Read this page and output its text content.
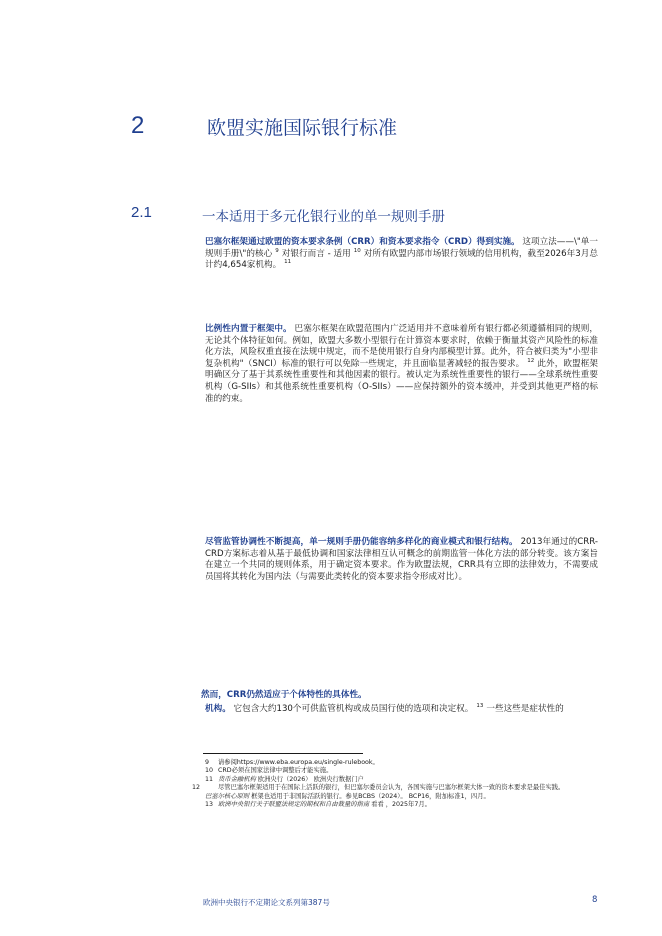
2	欧盟实施国际银行标准
2.1	一本适用于多元化银行业的单一规则手册
巴塞尔框架通过欧盟的资本要求条例（CRR）和资本要求指令（CRD）得到实施。 这项立法——\"单一规则手册\"的核心 $^9$ 对银行而言 - 适用 $^{10}$ 对所有欧盟内部市场银行领域的信用机构，截至2026年3月总计约4,654家机构。 $^{11}$
比例性内置于框架中。 巴塞尔框架在欧盟范围内广泛适用并不意味着所有银行都必须遵循相同的规则，无论其个体特征如何。例如，欧盟大多数小型银行在计算资本要求时，依赖于衡量其资产风险性的标准化方法，风险权重直接在法规中规定，而不是使用银行自身内部模型计算。此外，符合被归类为"小型非复杂机构"（SNCI）标准的银行可以免除一些规定，并且面临显著减轻的报告要求。 $^{12}$ 此外，欧盟框架明确区分了基于其系统性重要性和其他因素的银行。被认定为系统性重要性的银行——全球系统性重要机构（G-SIIs）和其他系统性重要机构（O-SIIs）——应保持额外的资本缓冲，并受到其他更严格的标准的约束。
尽管监管协调性不断提高，单一规则手册仍能容纳多样化的商业模式和银行结构。 2013年通过的CRR-CRD方案标志着从基于最低协调和国家法律相互认可概念的前期监管一体化方法的部分转变。该方案旨在建立一个共同的规则体系，用于确定资本要求。作为欧盟法规，CRR具有立即的法律效力，不需要成员国将其转化为国内法（与需要此类转化的资本要求指令形成对比）。
然而，CRR仍然适应于个体特性的具体性。
机构。 它包含大约130个可供监管机构或成员国行使的选项和决定权。 $^{13}$ 一些这些是症状性的
9 请参阅https://www.eba.europa.eu/single-rulebook。
10 CRD必须在国家法律中调整后才能实施。
11 货币金融机构 欧洲央行（2026） 欧洲央行数据门户
12	尽管巴塞尔框架适用于在国际上活跃的银行，但巴塞尔委员会认为，各国实施与巴塞尔框架大体一致的资本要求是最佳实践。
巴塞尔核心原则 框架也适用于非国际活跃的银行。参见BCBS（2024）。 BCP16，附加标准1，四月。
13 欧洲中央银行关于联盟法规定的期权和自由裁量的指南 看看 ，2025年7月。
欧洲中央银行不定期论文系列第387号	8
